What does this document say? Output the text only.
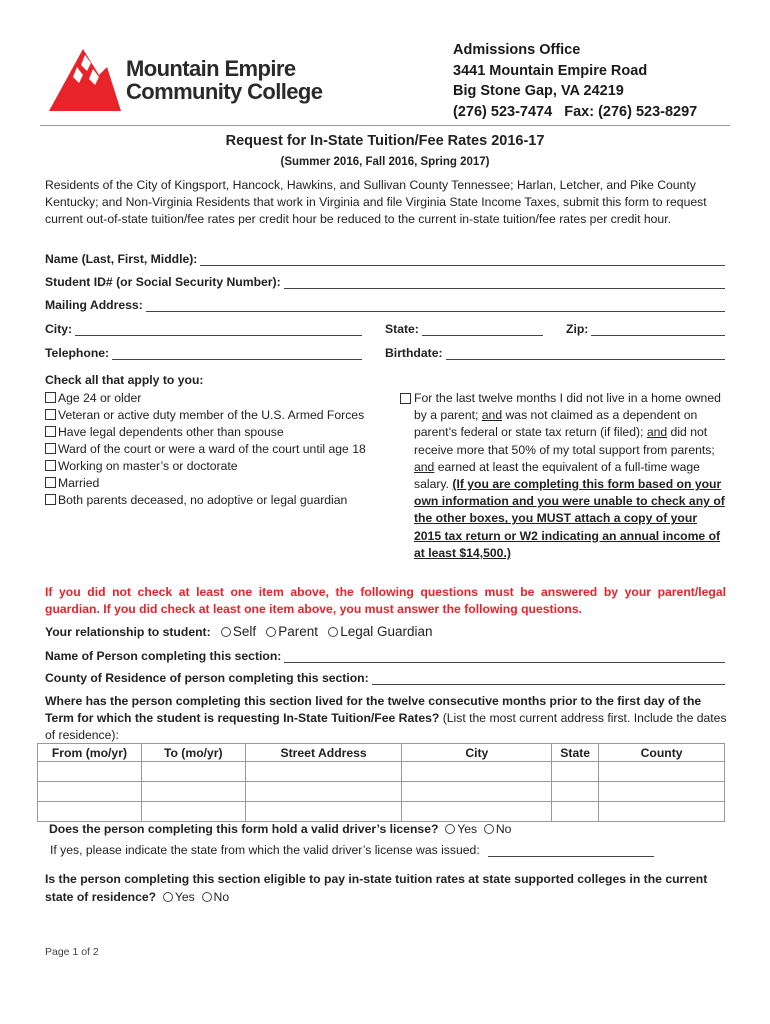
Mountain Empire
Community College
Admissions Office
3441 Mountain Empire Road
Big Stone Gap, VA 24219
(276) 523-7474   Fax: (276) 523-8297
Request for In-State Tuition/Fee Rates 2016-17
(Summer 2016, Fall 2016, Spring 2017)
Residents of the City of Kingsport, Hancock, Hawkins, and Sullivan County Tennessee; Harlan, Letcher, and Pike County Kentucky; and Non-Virginia Residents that work in Virginia and file Virginia State Income Taxes, submit this form to request current out-of-state tuition/fee rates per credit hour be reduced to the current in-state tuition/fee rates per credit hour.
Name (Last, First, Middle):
Student ID# (or Social Security Number):
Mailing Address:
City:	State:	Zip:
Telephone:	Birthdate:
Check all that apply to you:
Age 24 or older
Veteran or active duty member of the U.S. Armed Forces
Have legal dependents other than spouse
Ward of the court or were a ward of the court until age 18
Working on master’s or doctorate
Married
Both parents deceased, no adoptive or legal guardian
For the last twelve months I did not live in a home owned by a parent; and was not claimed as a dependent on parent’s federal or state tax return (if filed); and did not receive more that 50% of my total support from parents; and earned at least the equivalent of a full-time wage salary. (If you are completing this form based on your own information and you were unable to check any of the other boxes, you MUST attach a copy of your 2015 tax return or W2 indicating an annual income of at least $14,500.)
If you did not check at least one item above, the following questions must be answered by your parent/legal guardian. If you did check at least one item above, you must answer the following questions.
Your relationship to student: Self Parent Legal Guardian
Name of Person completing this section:
County of Residence of person completing this section:
Where has the person completing this section lived for the twelve consecutive months prior to the first day of the Term for which the student is requesting In-State Tuition/Fee Rates? (List the most current address first. Include the dates of residence):
From (mo/yr)	To (mo/yr)	Street Address	City	State	County

Does the person completing this form hold a valid driver’s license? Yes No
If yes, please indicate the state from which the valid driver’s license was issued:
Is the person completing this section eligible to pay in-state tuition rates at state supported colleges in the current state of residence? Yes No
Page 1 of 2
